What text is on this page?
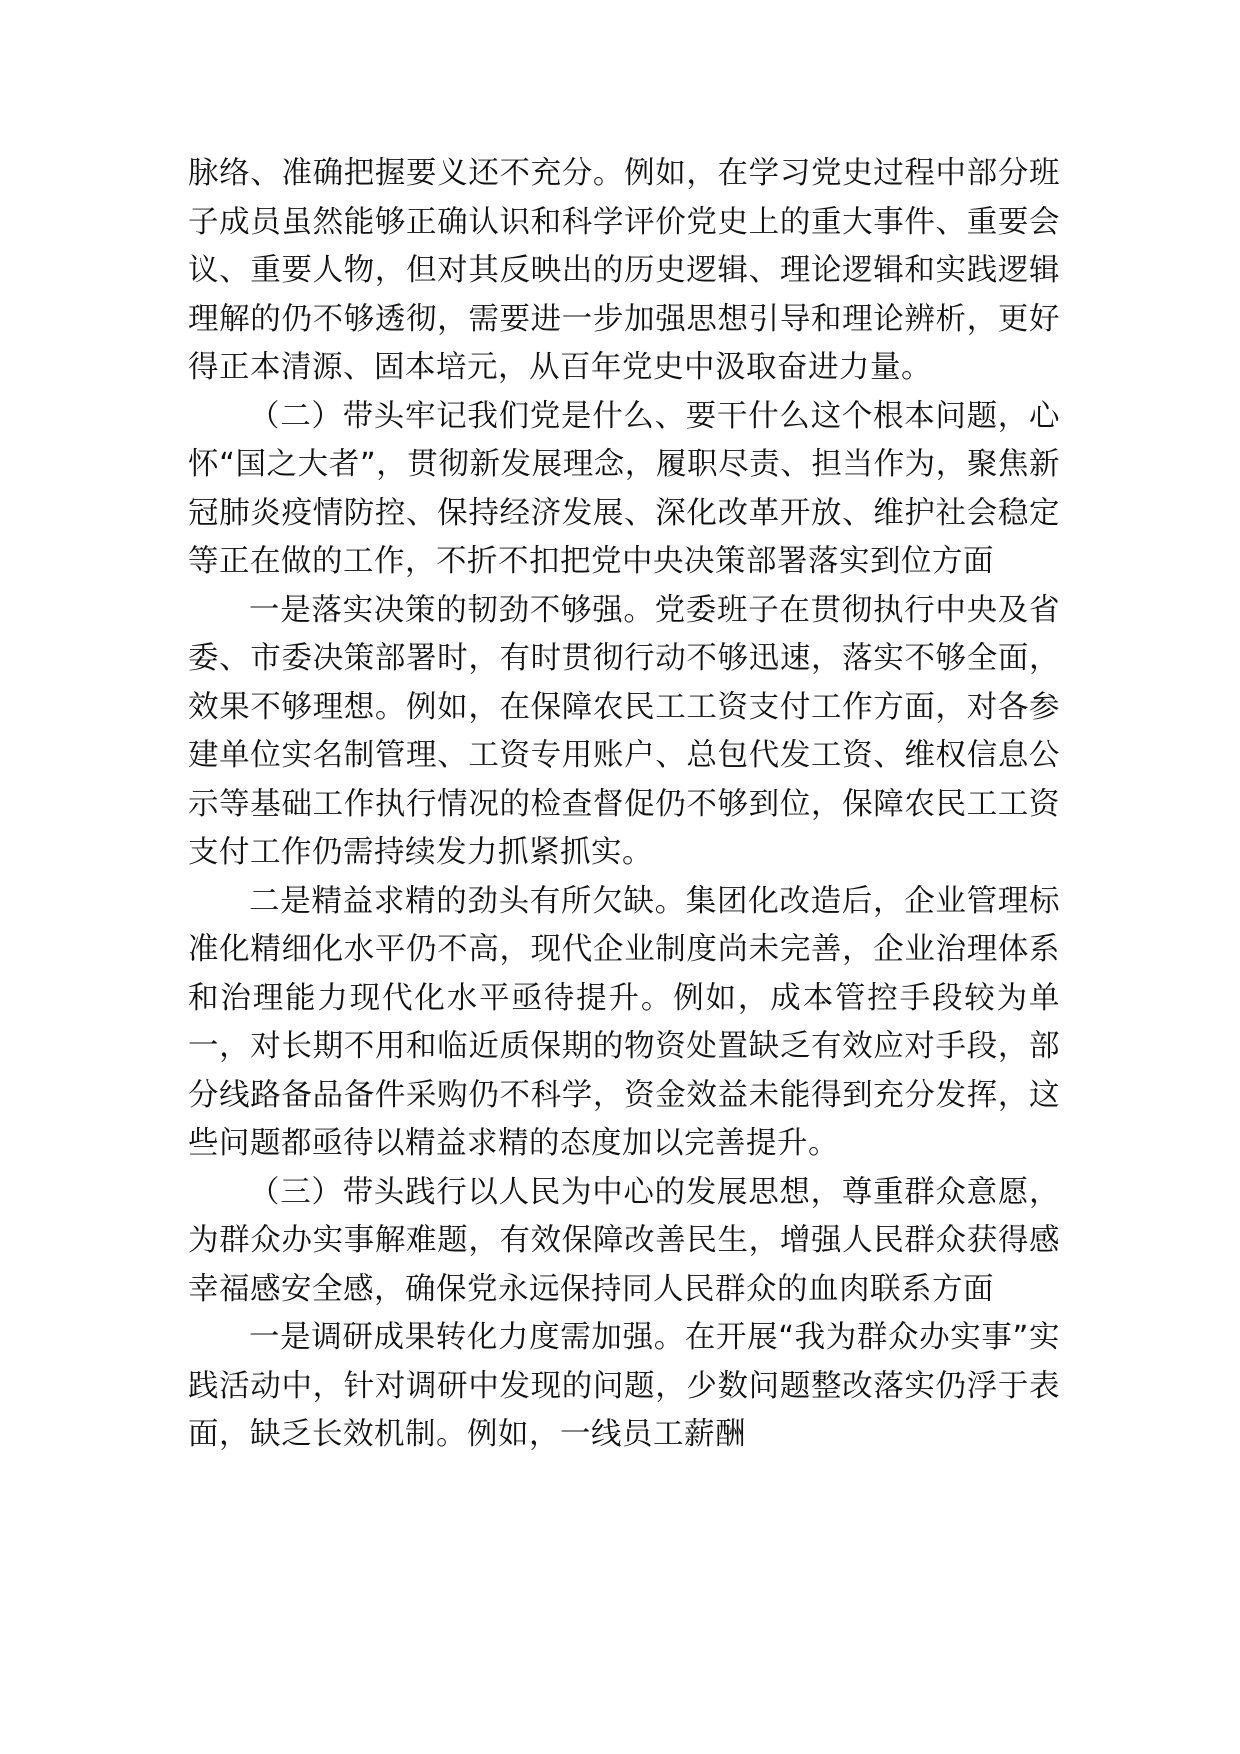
脉络、准确把握要义还不充分。例如，在学习党史过程中部分班子成员虽然能够正确认识和科学评价党史上的重大事件、重要会议、重要人物，但对其反映出的历史逻辑、理论逻辑和实践逻辑理解的仍不够透彻，需要进一步加强思想引导和理论辨析，更好得正本清源、固本培元，从百年党史中汲取奋进力量。

（二）带头牢记我们党是什么、要干什么这个根本问题，心怀“国之大者”，贯彻新发展理念，履职尽责、担当作为，聚焦新冠肺炎疫情防控、保持经济发展、深化改革开放、维护社会稳定等正在做的工作，不折不扣把党中央决策部署落实到位方面

一是落实决策的韧劲不够强。党委班子在贯彻执行中央及省委、市委决策部署时，有时贯彻行动不够迅速，落实不够全面，效果不够理想。例如，在保障农民工工资支付工作方面，对各参建单位实名制管理、工资专用账户、总包代发工资、维权信息公示等基础工作执行情况的检查督促仍不够到位，保障农民工工资支付工作仍需持续发力抓紧抓实。

二是精益求精的劲头有所欠缺。集团化改造后，企业管理标准化精细化水平仍不高，现代企业制度尚未完善，企业治理体系和治理能力现代化水平亟待提升。例如，成本管控手段较为单一，对长期不用和临近质保期的物资处置缺乏有效应对手段，部分线路备品备件采购仍不科学，资金效益未能得到充分发挥，这些问题都亟待以精益求精的态度加以完善提升。

（三）带头践行以人民为中心的发展思想，尊重群众意愿，为群众办实事解难题，有效保障改善民生，增强人民群众获得感幸福感安全感，确保党永远保持同人民群众的血肉联系方面

一是调研成果转化力度需加强。在开展“我为群众办实事”实践活动中，针对调研中发现的问题，少数问题整改落实仍浮于表面，缺乏长效机制。例如，一线员工薪酬
